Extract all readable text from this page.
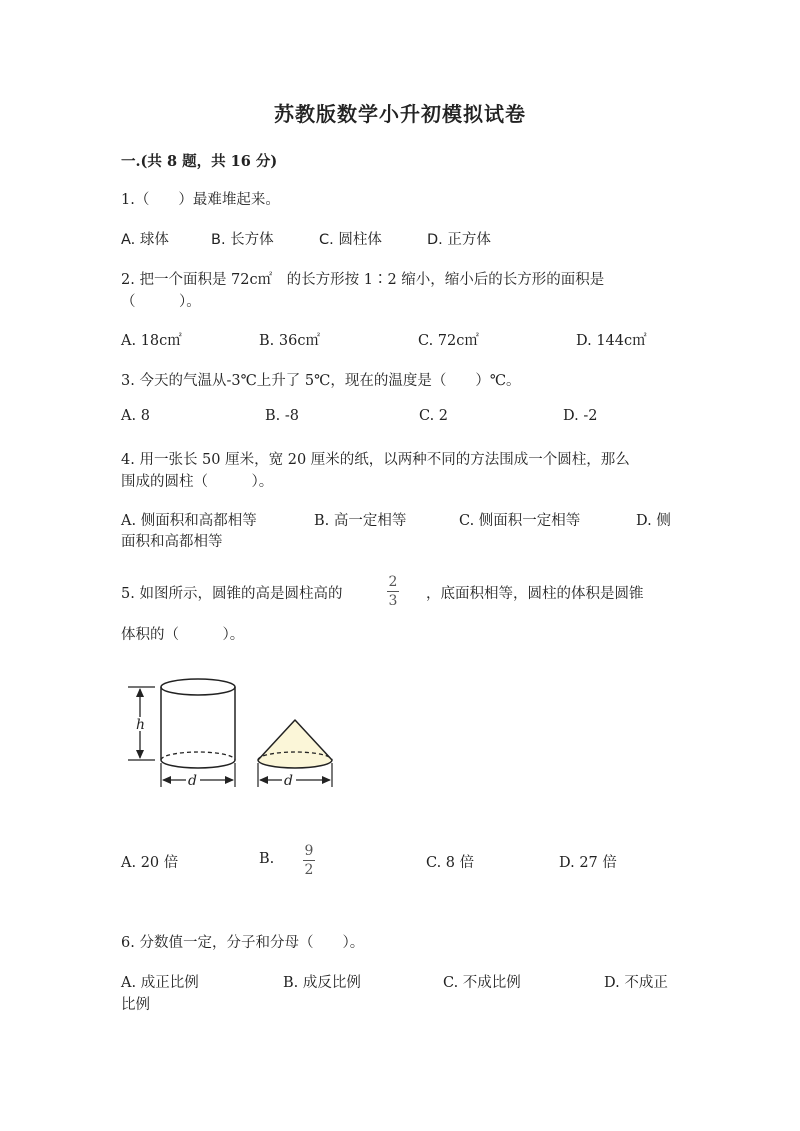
苏教版数学小升初模拟试卷
一.(共 8 题，共 16 分)
1.（　　）最难堆起来。
A. 球体	B. 长方体	C. 圆柱体	D. 正方体
2. 把一个面积是 72c㎡　的长方形按 1∶2 缩小，缩小后的长方形的面积是
（　　　）。
A. 18c㎡	B. 36c㎡	C. 72c㎡	D. 144c㎡
3. 今天的气温从-3℃上升了 5℃，现在的温度是（　　）℃。
A. 8	B. -8	C. 2	D. -2
4. 用一张长 50 厘米，宽 20 厘米的纸，以两种不同的方法围成一个圆柱，那么
围成的圆柱（　　　）。
A. 侧面积和高都相等	B. 高一定相等	C. 侧面积一定相等	D. 侧
面积和高都相等
5. 如图所示，圆锥的高是圆柱高的
2
3	，底面积相等，圆柱的体积是圆锥
体积的（　　　）。
h
d	d
A. 20 倍	B.	9
2	C. 8 倍	D. 27 倍
6. 分数值一定，分子和分母（　　）。
A. 成正比例	B. 成反比例	C. 不成比例	D. 不成正
比例
